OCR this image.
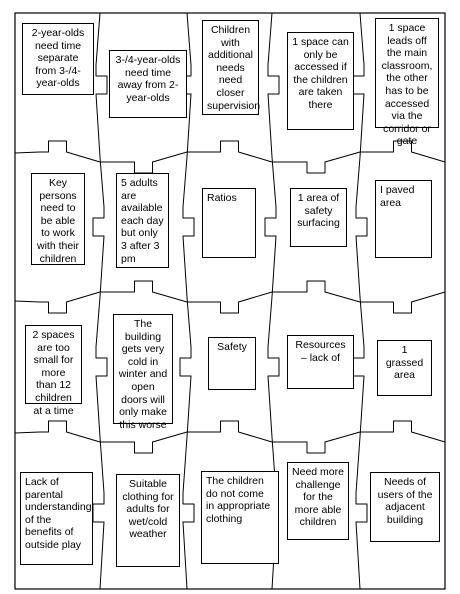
2-year-olds need time separate from 3-/4-year-olds
3-/4-year-olds need time away from 2-year-olds
Children with additional needs need closer supervision
1 space can only be accessed if the children are taken there
1 space leads off the main classroom, the other has to be accessed via the corridor or gate
Key persons need to be able to work with their children
5 adults are available each day but only 3 after 3 pm
Ratios	1 area of safety surfacing
I paved area
2 spaces are too small for more than 12 children at a time
The building gets very cold in winter and open doors will only make this worse
Safety	Resources – lack of
1 grassed area
Lack of parental understanding of the benefits of outside play
Suitable clothing for adults for wet/cold weather
The children do not come in appropriate clothing
Need more challenge for the more able children
Needs of users of the adjacent building
